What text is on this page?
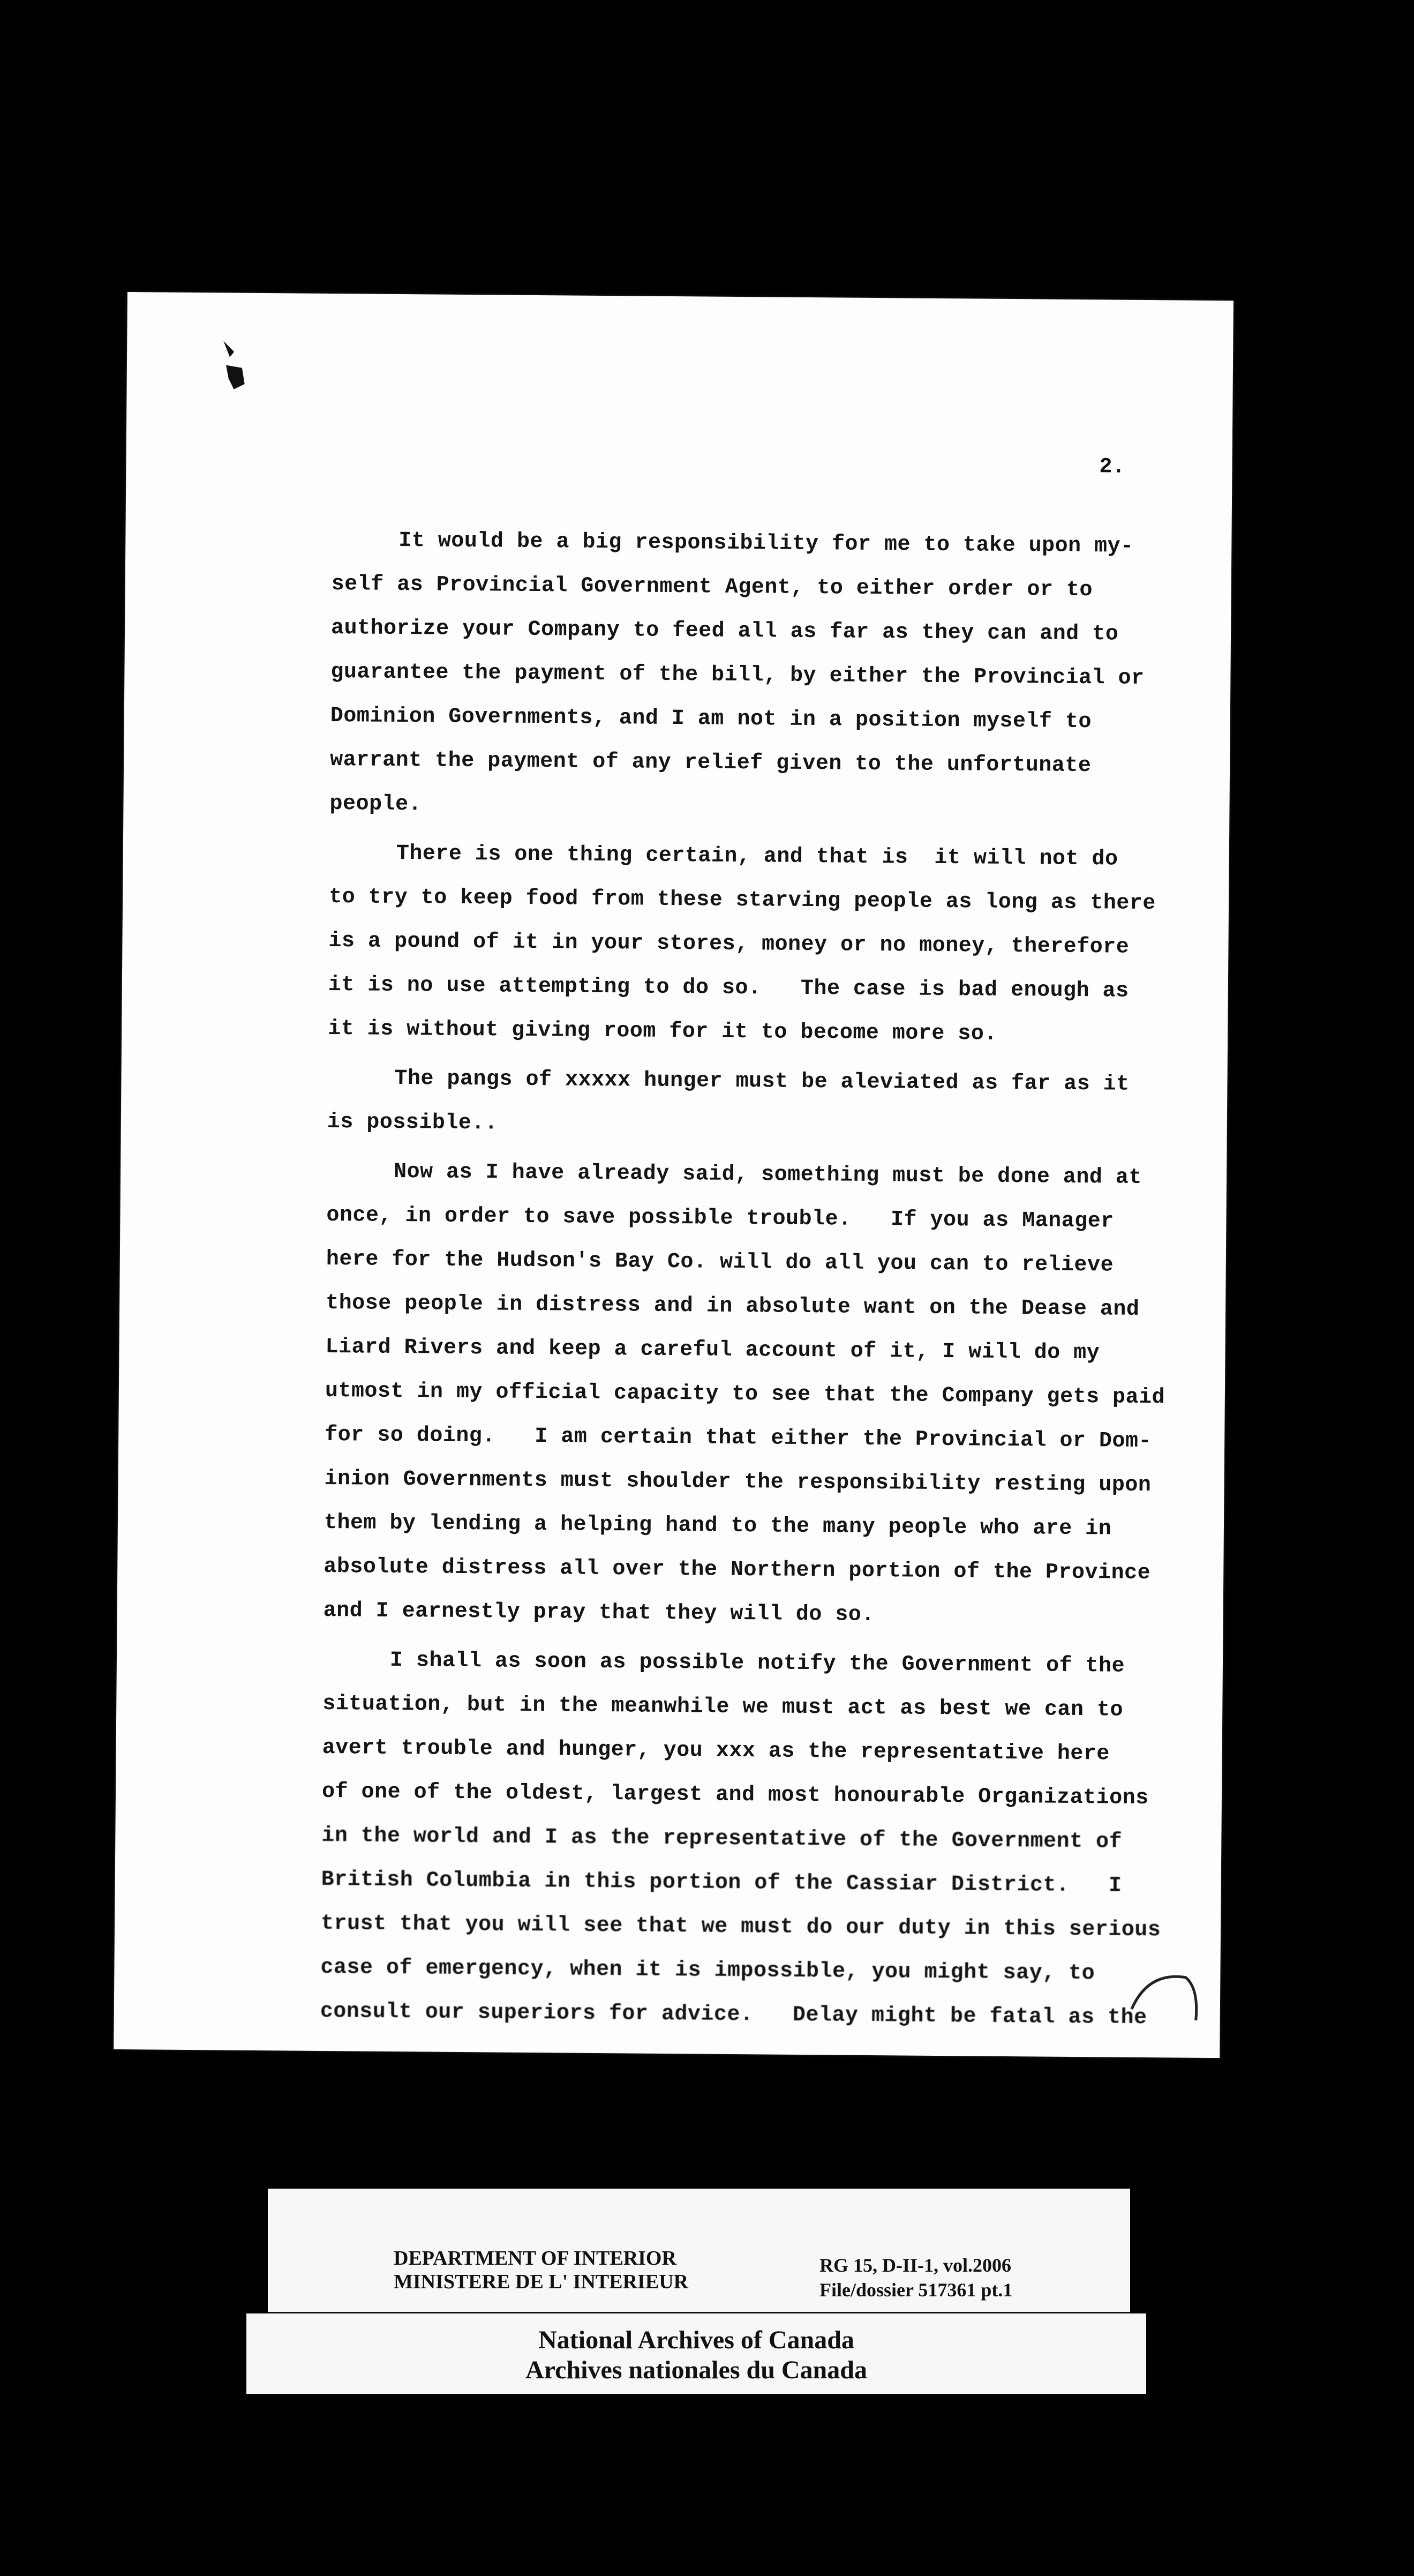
2.
It would be a big responsibility for me to take upon my-
self as Provincial Government Agent, to either order or to
authorize your Company to feed all as far as they can and to
guarantee the payment of the bill, by either the Provincial or
Dominion Governments, and I am not in a position myself to
warrant the payment of any relief given to the unfortunate
people.
There is one thing certain, and that is  it will not do
to try to keep food from these starving people as long as there
is a pound of it in your stores, money or no money, therefore
it is no use attempting to do so.   The case is bad enough as
it is without giving room for it to become more so.
The pangs of xxxxx hunger must be aleviated as far as it
is possible..
Now as I have already said, something must be done and at
once, in order to save possible trouble.   If you as Manager
here for the Hudson's Bay Co. will do all you can to relieve
those people in distress and in absolute want on the Dease and
Liard Rivers and keep a careful account of it, I will do my
utmost in my official capacity to see that the Company gets paid
for so doing.   I am certain that either the Provincial or Dom-
inion Governments must shoulder the responsibility resting upon
them by lending a helping hand to the many people who are in
absolute distress all over the Northern portion of the Province
and I earnestly pray that they will do so.
I shall as soon as possible notify the Government of the
situation, but in the meanwhile we must act as best we can to
avert trouble and hunger, you xxx as the representative here
of one of the oldest, largest and most honourable Organizations
in the world and I as the representative of the Government of
British Columbia in this portion of the Cassiar District.   I
trust that you will see that we must do our duty in this serious
case of emergency, when it is impossible, you might say, to
consult our superiors for advice.   Delay might be fatal as the
DEPARTMENT OF INTERIOR
MINISTERE DE L' INTERIEUR
RG 15, D-II-1, vol.2006
File/dossier 517361 pt.1
National Archives of Canada
Archives nationales du Canada
